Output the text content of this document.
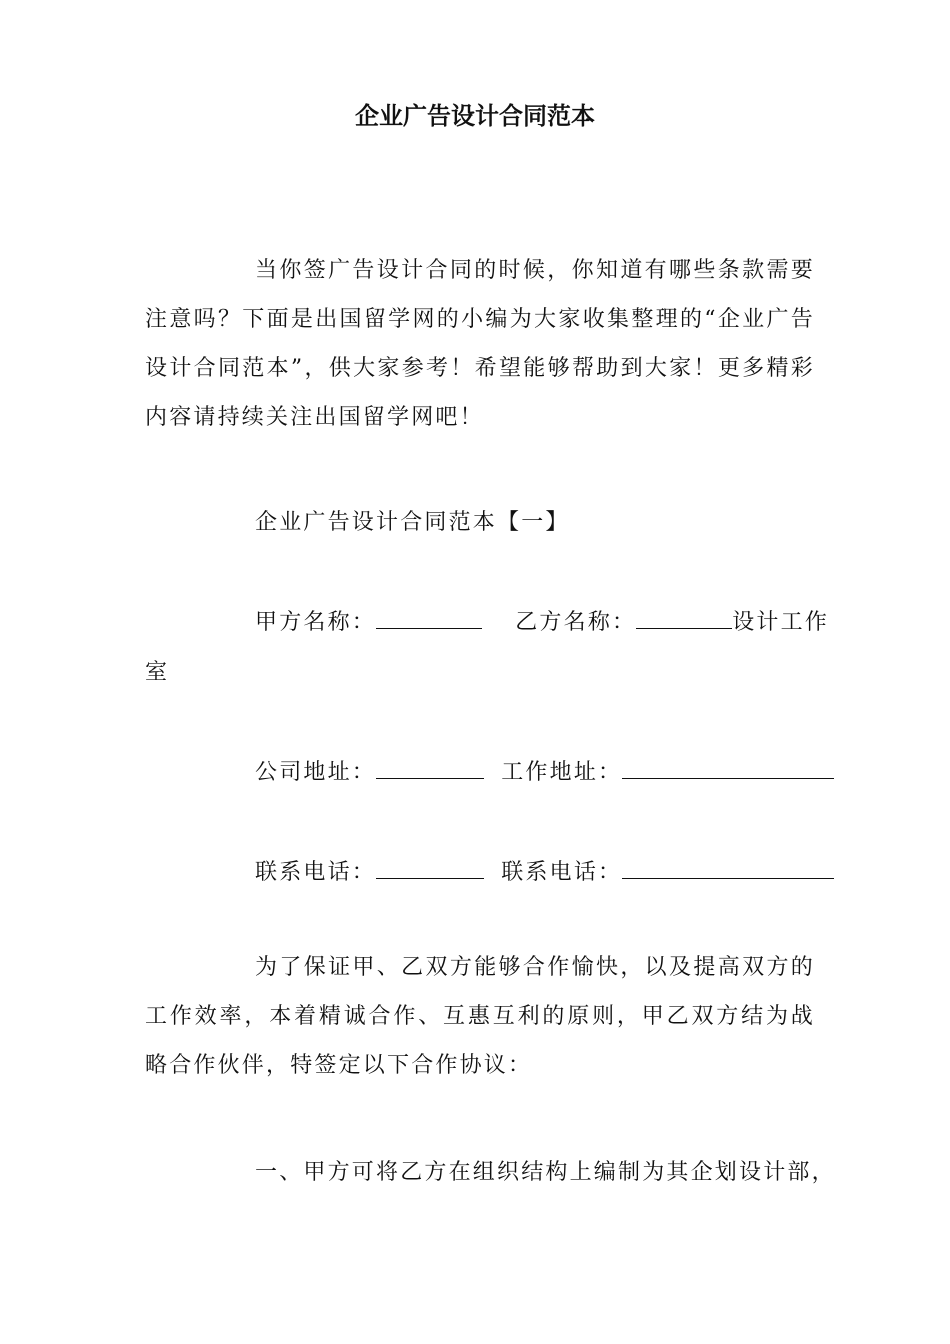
企业广告设计合同范本
当你签广告设计合同的时候，你知道有哪些条款需要注意吗？下面是出国留学网的小编为大家收集整理的“企业广告设计合同范本”，供大家参考！希望能够帮助到大家！更多精彩内容请持续关注出国留学网吧！
企业广告设计合同范本【一】
甲方名称：	乙方名称：	设计工作
室
公司地址：	工作地址：
联系电话：	联系电话：
为了保证甲、乙双方能够合作愉快，以及提高双方的工作效率，本着精诚合作、互惠互利的原则，甲乙双方结为战略合作伙伴，特签定以下合作协议：
一、甲方可将乙方在组织结构上编制为其企划设计部，
